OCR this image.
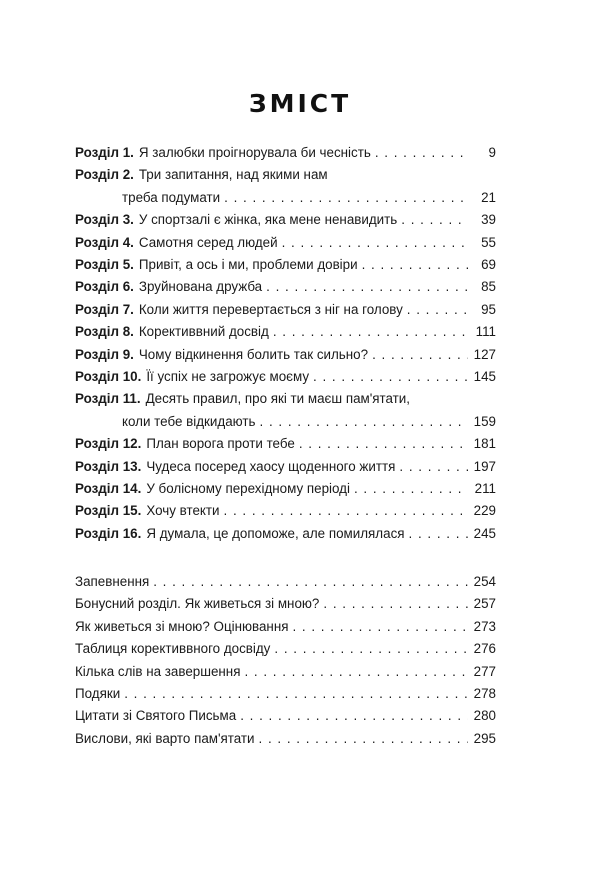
ЗМІСТ
Розділ 1. Я залюбки проігнорувала би чесність . . .	9
Розділ 2. Три запитання, над якими нам
треба подумати . . .	21
Розділ 3. У спортзалі є жінка, яка мене ненавидить . . .	39
Розділ 4. Самотня серед людей . . .	55
Розділ 5. Привіт, а ось і ми, проблеми довіри . . .	69
Розділ 6. Зруйнована дружба . . .	85
Розділ 7. Коли життя перевертається з ніг на голову . . .	95
Розділ 8. Корективвний досвід . . .	111
Розділ 9. Чому відкинення болить так сильно? . . .	127
Розділ 10. Її успіх не загрожує моєму . . .	145
Розділ 11. Десять правил, про які ти маєш пам'ятати,
коли тебе відкидають . . .	159
Розділ 12. План ворога проти тебе . . .	181
Розділ 13. Чудеса посеред хаосу щоденного життя . . .	197
Розділ 14. У болісному перехідному періоді . . .	211
Розділ 15. Хочу втекти . . .	229
Розділ 16. Я думала, це допоможе, але помилялася . . .	245
Запевнення . . .	254
Бонусний розділ. Як живеться зі мною? . . .	257
Як живеться зі мною? Оцінювання . . .	273
Таблиця корективвного досвіду . . .	276
Кілька слів на завершення . . .	277
Подяки . . .	278
Цитати зі Святого Письма . . .	280
Вислови, які варто пам'ятати . . .	295
